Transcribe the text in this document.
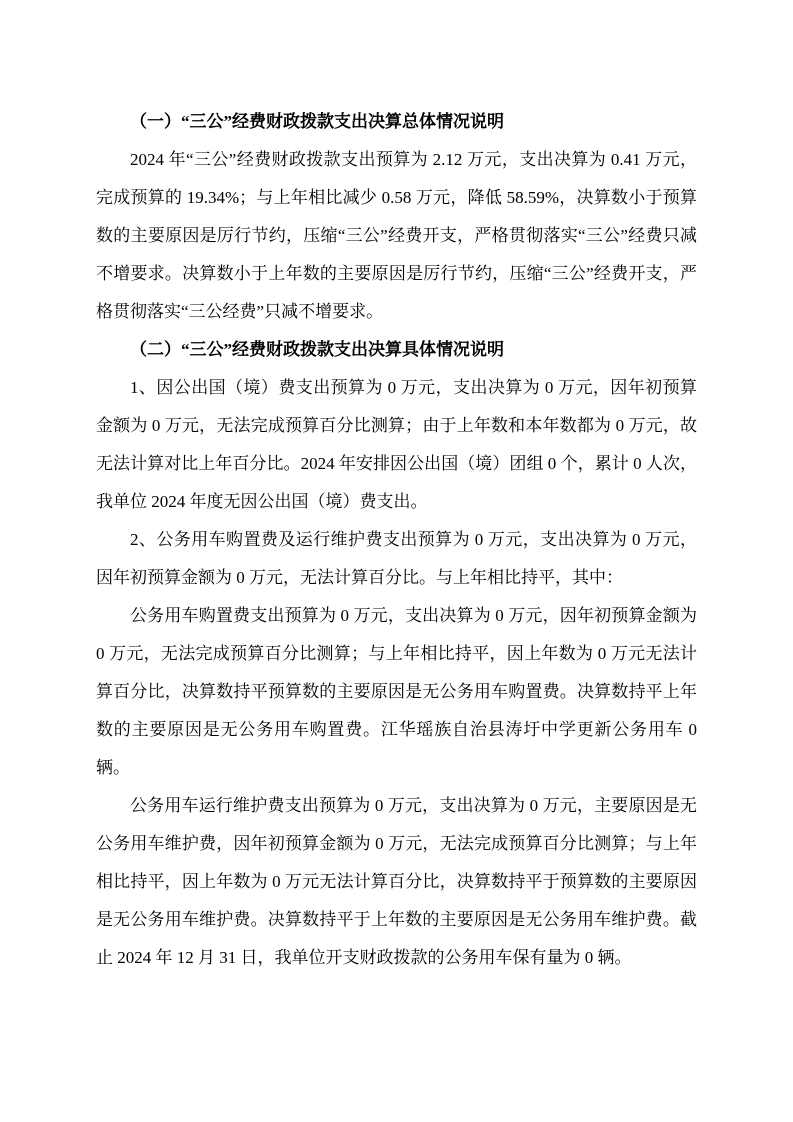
（一）“三公”经费财政拨款支出决算总体情况说明

2024 年“三公”经费财政拨款支出预算为 2.12 万元，支出决算为 0.41 万元，完成预算的 19.34%；与上年相比减少 0.58 万元，降低 58.59%，决算数小于预算数的主要原因是厉行节约，压缩“三公”经费开支，严格贯彻落实“三公”经费只减不增要求。决算数小于上年数的主要原因是厉行节约，压缩“三公”经费开支，严格贯彻落实“三公经费”只减不增要求。

（二）“三公”经费财政拨款支出决算具体情况说明

1、因公出国（境）费支出预算为 0 万元，支出决算为 0 万元，因年初预算金额为 0 万元，无法完成预算百分比测算；由于上年数和本年数都为 0 万元，故无法计算对比上年百分比。2024 年安排因公出国（境）团组 0 个，累计 0 人次，我单位 2024 年度无因公出国（境）费支出。

2、公务用车购置费及运行维护费支出预算为 0 万元，支出决算为 0 万元，因年初预算金额为 0 万元，无法计算百分比。与上年相比持平，其中：

公务用车购置费支出预算为 0 万元，支出决算为 0 万元，因年初预算金额为 0 万元，无法完成预算百分比测算；与上年相比持平，因上年数为 0 万元无法计算百分比，决算数持平预算数的主要原因是无公务用车购置费。决算数持平上年数的主要原因是无公务用车购置费。江华瑶族自治县涛圩中学更新公务用车 0 辆。

公务用车运行维护费支出预算为 0 万元，支出决算为 0 万元，主要原因是无公务用车维护费，因年初预算金额为 0 万元，无法完成预算百分比测算；与上年相比持平，因上年数为 0 万元无法计算百分比，决算数持平于预算数的主要原因是无公务用车维护费。决算数持平于上年数的主要原因是无公务用车维护费。截止 2024 年 12 月 31 日，我单位开支财政拨款的公务用车保有量为 0 辆。
